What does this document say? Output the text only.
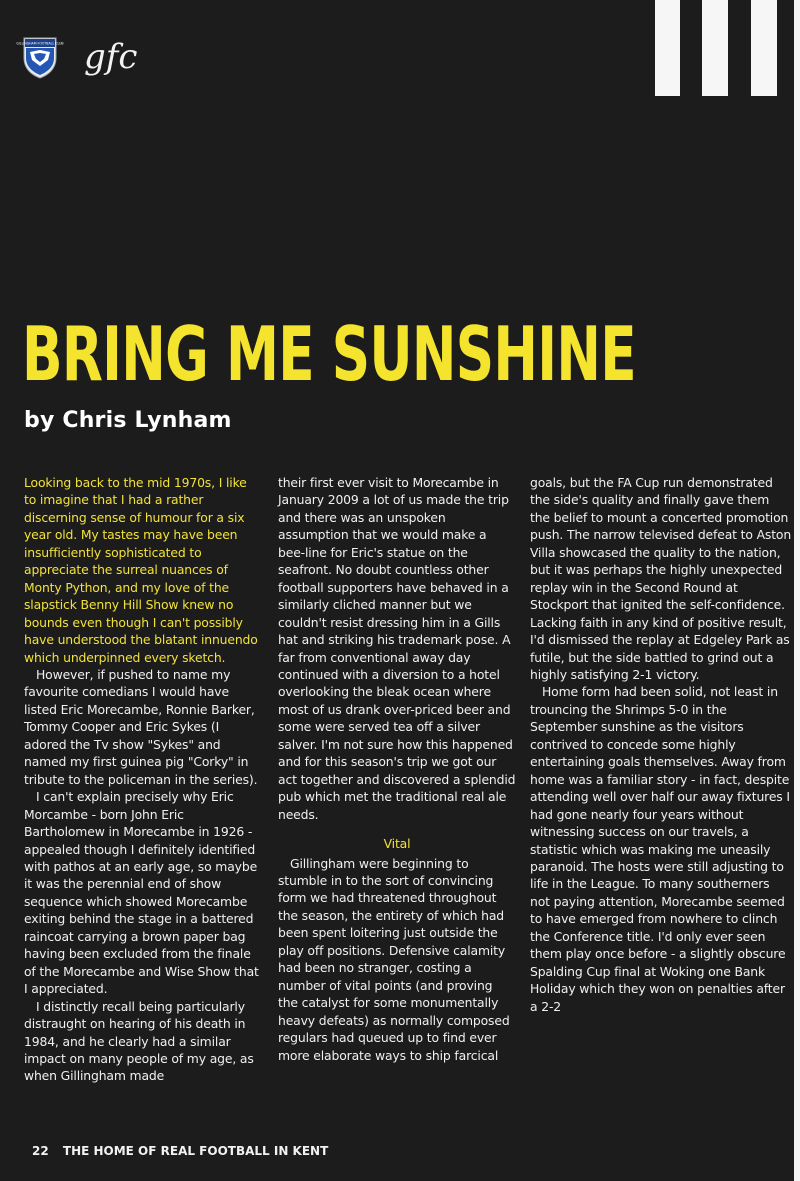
GILLINGHAM FOOTBALL CLUB gfc
BRING ME SUNSHINE
by Chris Lynham

Looking back to the mid 1970s, I like to imagine that I had a rather discerning sense of humour for a six year old. My tastes may have been insufficiently sophisticated to appreciate the surreal nuances of Monty Python, and my love of the slapstick Benny Hill Show knew no bounds even though I can't possibly have understood the blatant innuendo which underpinned every sketch.

However, if pushed to name my favourite comedians I would have listed Eric Morecambe, Ronnie Barker, Tommy Cooper and Eric Sykes (I adored the Tv show "Sykes" and named my first guinea pig "Corky" in tribute to the policeman in the series).

I can't explain precisely why Eric Morcambe - born John Eric Bartholomew in Morecambe in 1926 - appealed though I definitely identified with pathos at an early age, so maybe it was the perennial end of show sequence which showed Morecambe exiting behind the stage in a battered raincoat carrying a brown paper bag having been excluded from the finale of the Morecambe and Wise Show that I appreciated.

I distinctly recall being particularly distraught on hearing of his death in 1984, and he clearly had a similar impact on many people of my age, as when Gillingham made

their first ever visit to Morecambe in January 2009 a lot of us made the trip and there was an unspoken assumption that we would make a bee-line for Eric's statue on the seafront. No doubt countless other football supporters have behaved in a similarly cliched manner but we couldn't resist dressing him in a Gills hat and striking his trademark pose. A far from conventional away day continued with a diversion to a hotel overlooking the bleak ocean where most of us drank over-priced beer and some were served tea off a silver salver. I'm not sure how this happened and for this season's trip we got our act together and discovered a splendid pub which met the traditional real ale needs.

Vital

Gillingham were beginning to stumble in to the sort of convincing form we had threatened throughout the season, the entirety of which had been spent loitering just outside the play off positions. Defensive calamity had been no stranger, costing a number of vital points (and proving the catalyst for some monumentally heavy defeats) as normally composed regulars had queued up to find ever more elaborate ways to ship farcical

goals, but the FA Cup run demonstrated the side's quality and finally gave them the belief to mount a concerted promotion push. The narrow televised defeat to Aston Villa showcased the quality to the nation, but it was perhaps the highly unexpected replay win in the Second Round at Stockport that ignited the self-confidence. Lacking faith in any kind of positive result, I'd dismissed the replay at Edgeley Park as futile, but the side battled to grind out a highly satisfying 2-1 victory.

Home form had been solid, not least in trouncing the Shrimps 5-0 in the September sunshine as the visitors contrived to concede some highly entertaining goals themselves. Away from home was a familiar story - in fact, despite attending well over half our away fixtures I had gone nearly four years without witnessing success on our travels, a statistic which was making me uneasily paranoid. The hosts were still adjusting to life in the League. To many southerners not paying attention, Morecambe seemed to have emerged from nowhere to clinch the Conference title. I'd only ever seen them play once before - a slightly obscure Spalding Cup final at Woking one Bank Holiday which they won on penalties after a 2-2

22 THE HOME OF REAL FOOTBALL IN KENT
